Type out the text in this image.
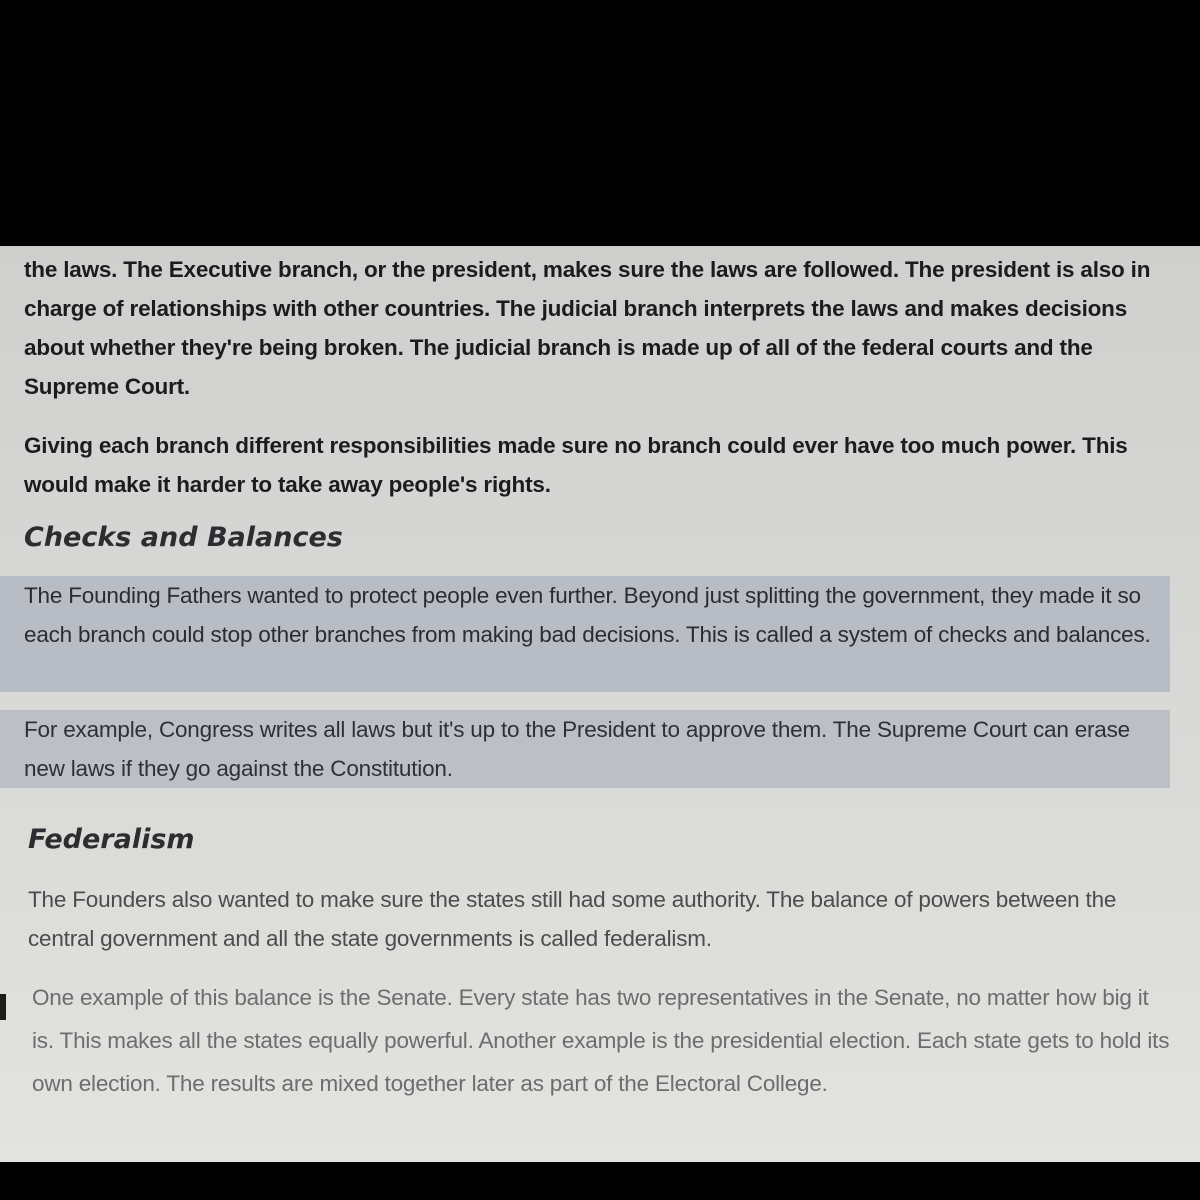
the laws. The Executive branch, or the president, makes sure the laws are followed. The president is also in charge of relationships with other countries. The judicial branch interprets the laws and makes decisions about whether they're being broken. The judicial branch is made up of all of the federal courts and the Supreme Court.
Giving each branch different responsibilities made sure no branch could ever have too much power. This would make it harder to take away people's rights.
Checks and Balances
The Founding Fathers wanted to protect people even further. Beyond just splitting the government, they made it so each branch could stop other branches from making bad decisions. This is called a system of checks and balances.
For example, Congress writes all laws but it's up to the President to approve them. The Supreme Court can erase new laws if they go against the Constitution.
Federalism
The Founders also wanted to make sure the states still had some authority. The balance of powers between the central government and all the state governments is called federalism.
One example of this balance is the Senate. Every state has two representatives in the Senate, no matter how big it is. This makes all the states equally powerful. Another example is the presidential election. Each state gets to hold its own election. The results are mixed together later as part of the Electoral College.
